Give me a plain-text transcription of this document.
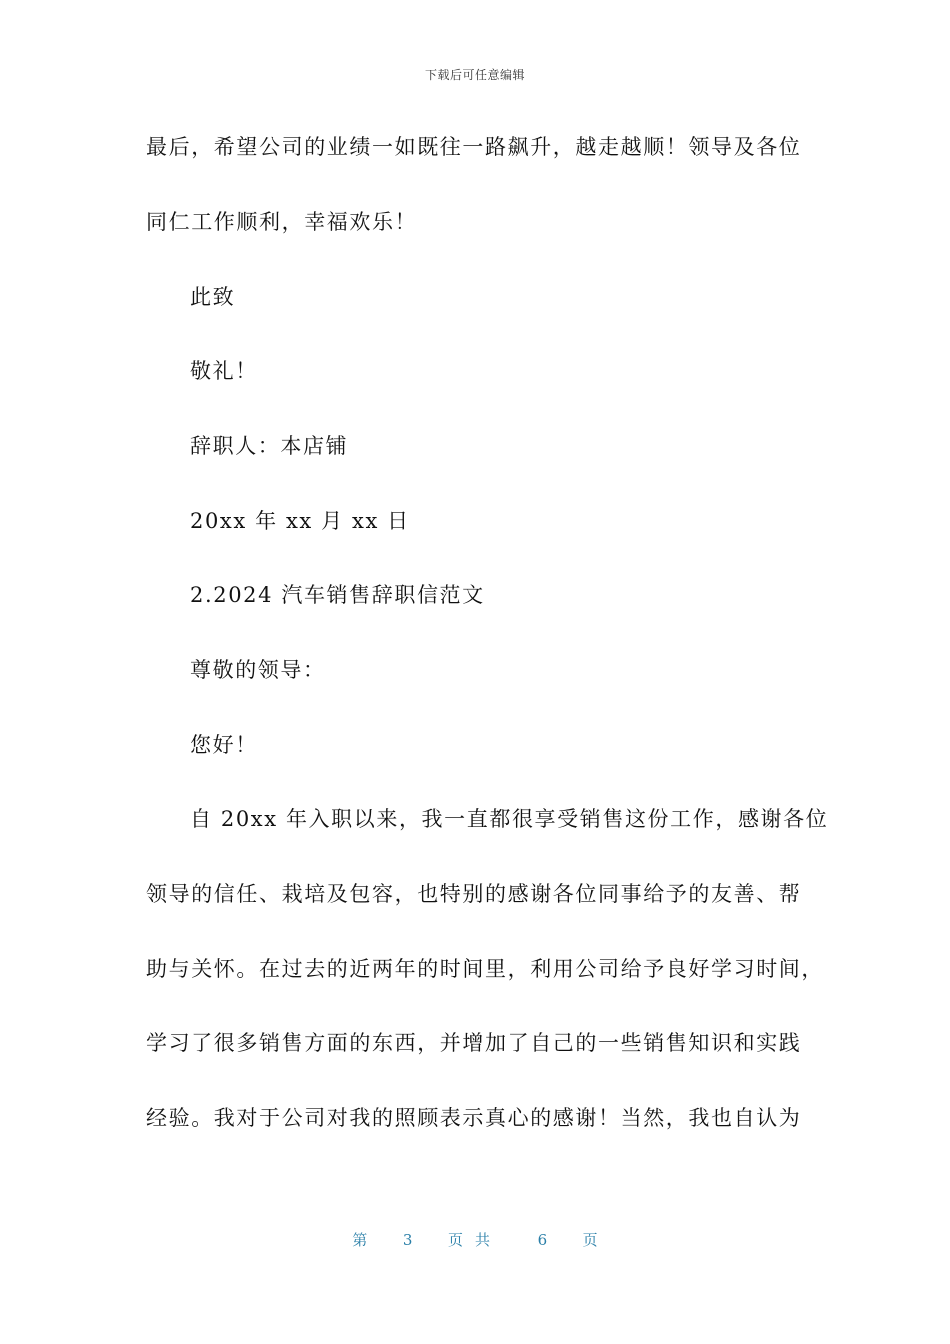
下载后可任意编辑
最后，希望公司的业绩一如既往一路飙升，越走越顺！领导及各位
同仁工作顺利，幸福欢乐！
此致
敬礼！
辞职人：本店铺
20xx 年 xx 月 xx 日
2.2024 汽车销售辞职信范文
尊敬的领导：
您好！
自 20xx 年入职以来，我一直都很享受销售这份工作，感谢各位
领导的信任、栽培及包容，也特别的感谢各位同事给予的友善、帮
助与关怀。在过去的近两年的时间里，利用公司给予良好学习时间，
学习了很多销售方面的东西，并增加了自己的一些销售知识和实践
经验。我对于公司对我的照顾表示真心的感谢！当然，我也自认为
第 3 页共 6 页
